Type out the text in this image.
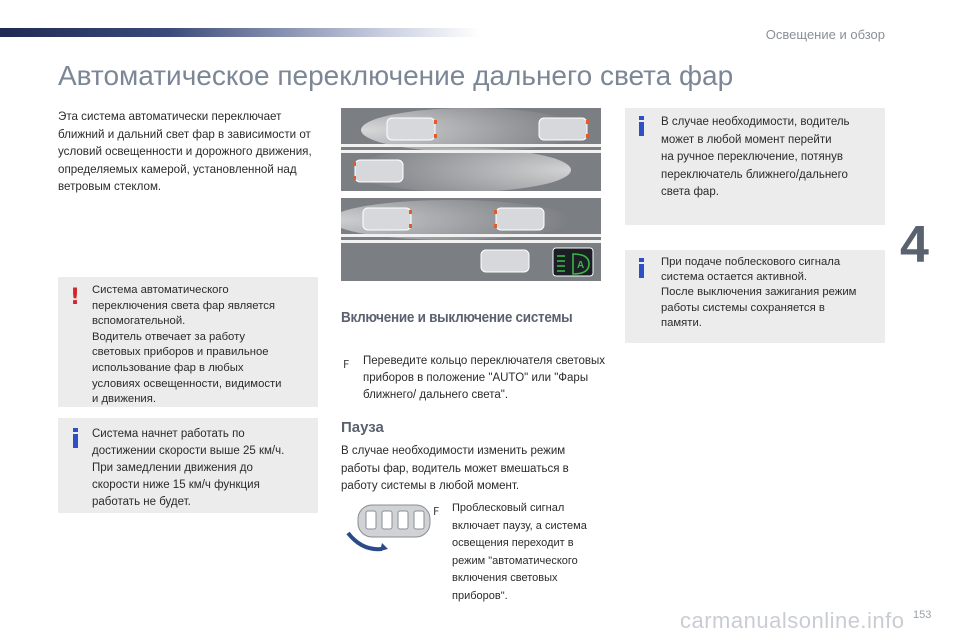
Освещение и обзор
Автоматическое переключение дальнего света фар
4

Эта система автоматически переключает ближний и дальний свет фар в зависимости от условий освещенности и дорожного движения, определяемых камерой, установленной над ветровым стеклом.

! Система автоматического
переключения света фар является
вспомогательной.
Водитель отвечает за работу
световых приборов и правильное
использование фар в любых
условиях освещенности, видимости
и движения.
Система начнет работать по
достижении скорости выше 25 км/ч.
При замедлении движения до
скорости ниже 15 км/ч функция
работать не будет.
A
Включение и выключение системы
F Переведите кольцо переключателя световых приборов в положение "AUTO" или "Фары ближнего/ дальнего света".

Пауза

В случае необходимости изменить режим работы фар, водитель может вмешаться в работу системы в любой момент.

F Проблесковый сигнал
включает паузу, а система
освещения переходит в
режим "автоматического
включения световых
приборов".

В случае необходимости, водитель
может в любой момент перейти
на ручное переключение, потянув
переключатель ближнего/дальнего
света фар.
При подаче поблескового сигнала
система остается активной.
После выключения зажигания режим
работы системы сохраняется в
памяти.
carmanualsonline.info 153
